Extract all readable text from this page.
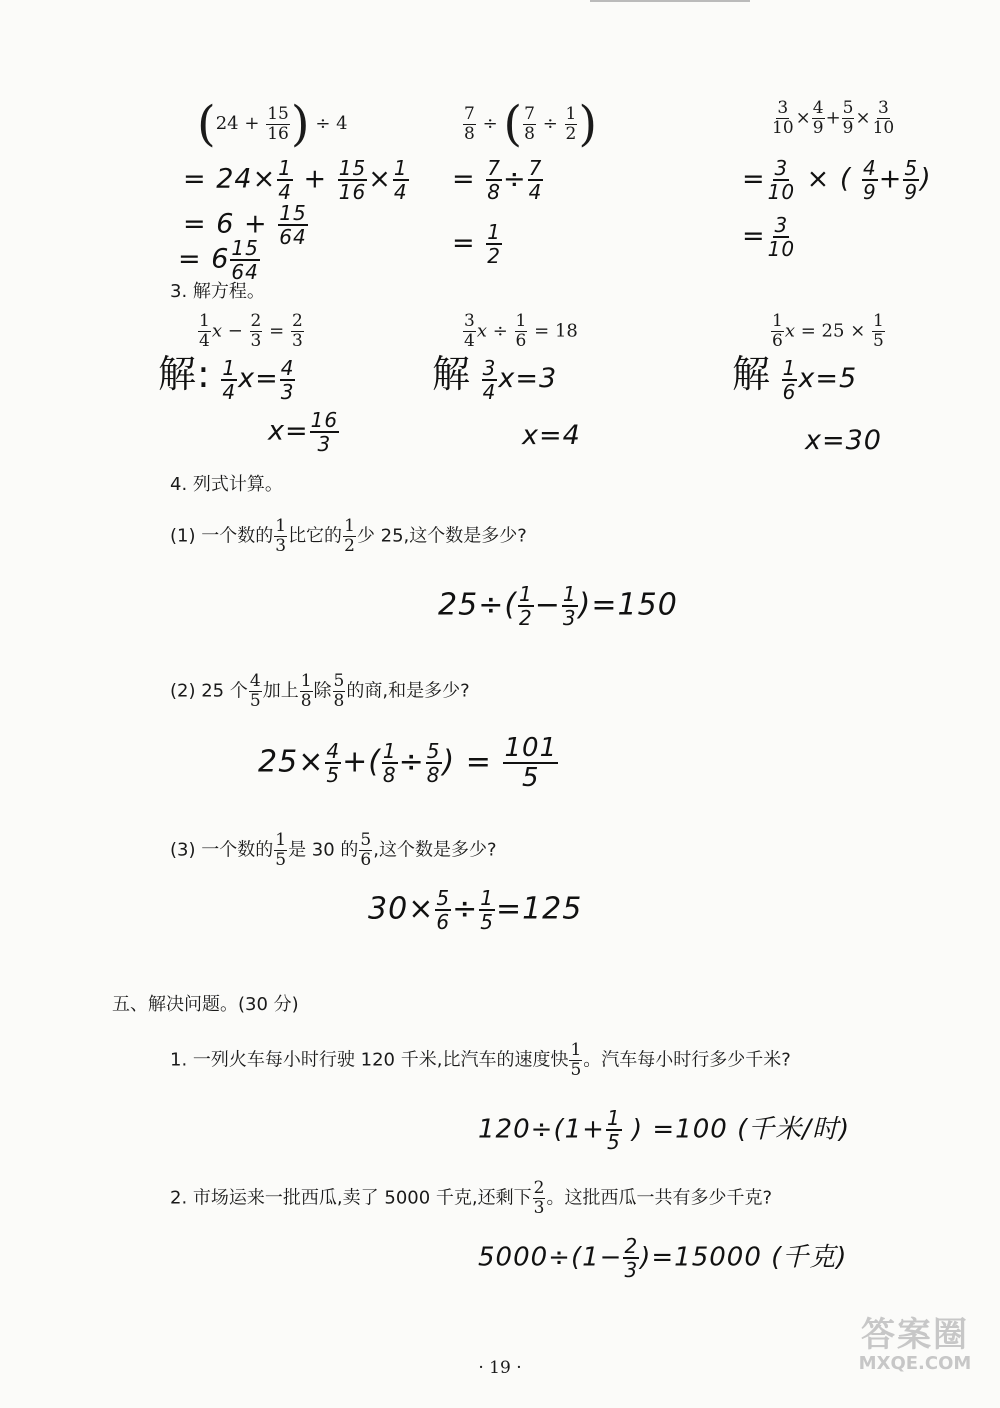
($24 + \frac{15}{16}$ ) ÷ 4
= $24\times \frac{1}{4} + \frac{15}{16} \times \frac{1}{4}$
= $6 + \frac{15}{64}$
= $6 \frac{15}{64}$
$\frac{7}{8}$ ÷ ( $\frac{7}{8} \div \frac{1}{2}$ )
= $\frac{7}{8} \div \frac{7}{4}$
= $\frac{1}{2}$
$\frac{3}{10} \times \frac{4}{9} + \frac{5}{9} \times \frac{3}{10}$
= $\frac{3}{10}$ × ( $\frac{4}{9} + \frac{5}{9}$ )
= $\frac{3}{10}$
3. 解方程。
$\frac{1}{4}$ $x - \frac{2}{3} = \frac{2}{3}$
解: $\frac{1}{4} x= \frac{4}{3}$
$x= \frac{16}{3}$
$\frac{3}{4}$ $x \div \frac{1}{6} = 18$
解 $\frac{3}{4} x=3$
x=4
$\frac{1}{6}$ $x = 25 \times \frac{1}{5}$
解 $\frac{1}{6} x=5$
x=30
4. 列式计算。
(1) 一个数的 $\frac{1}{3}$ 比它的 $\frac{1}{2}$ 少 25,这个数是多少?
$25\div( \frac{1}{2} - \frac{1}{3} )=150$
(2) 25 个 $\frac{4}{5}$ 加上 $\frac{1}{8}$ 除 $\frac{5}{8}$ 的商,和是多少?
$25\times \frac{4}{5}$ +( $\frac{1}{8} \div \frac{5}{8}$ ) = $\frac{101}{5}$
(3) 一个数的 $\frac{1}{5}$ 是 30 的 $\frac{5}{6}$ ,这个数是多少?
$30\times \frac{5}{6} \div \frac{1}{5} =125$
五、解决问题。(30 分)
1. 一列火车每小时行驶 120 千米,比汽车的速度快 $\frac{1}{5}$ 。汽车每小时行多少千米?
$120\div(1+ \frac{1}{5}$ ) =100 (千米/时)
2. 市场运来一批西瓜,卖了 5000 千克,还剩下 $\frac{2}{3}$ 。这批西瓜一共有多少千克?
$5000\div(1- \frac{2}{3} )=15000$ (千克)
· 19 ·
答案圈
MXQE.COM
